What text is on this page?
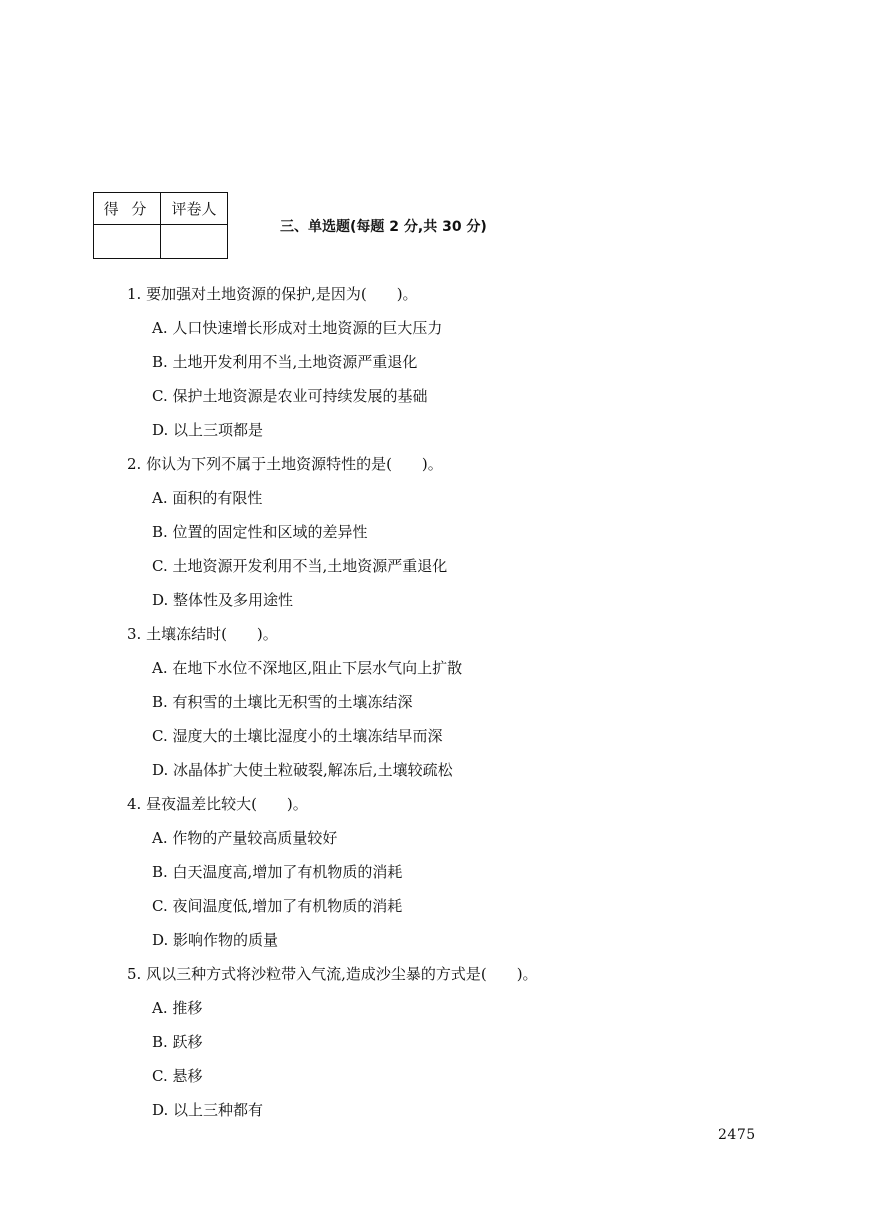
得 分	评卷人

三、单选题(每题 2 分,共 30 分)
1. 要加强对土地资源的保护,是因为(　　)。
A. 人口快速增长形成对土地资源的巨大压力
B. 土地开发利用不当,土地资源严重退化
C. 保护土地资源是农业可持续发展的基础
D. 以上三项都是
2. 你认为下列不属于土地资源特性的是(　　)。
A. 面积的有限性
B. 位置的固定性和区域的差异性
C. 土地资源开发利用不当,土地资源严重退化
D. 整体性及多用途性
3. 土壤冻结时(　　)。
A. 在地下水位不深地区,阻止下层水气向上扩散
B. 有积雪的土壤比无积雪的土壤冻结深
C. 湿度大的土壤比湿度小的土壤冻结早而深
D. 冰晶体扩大使土粒破裂,解冻后,土壤较疏松
4. 昼夜温差比较大(　　)。
A. 作物的产量较高质量较好
B. 白天温度高,增加了有机物质的消耗
C. 夜间温度低,增加了有机物质的消耗
D. 影响作物的质量
5. 风以三种方式将沙粒带入气流,造成沙尘暴的方式是(　　)。
A. 推移
B. 跃移
C. 悬移
D. 以上三种都有
2475
